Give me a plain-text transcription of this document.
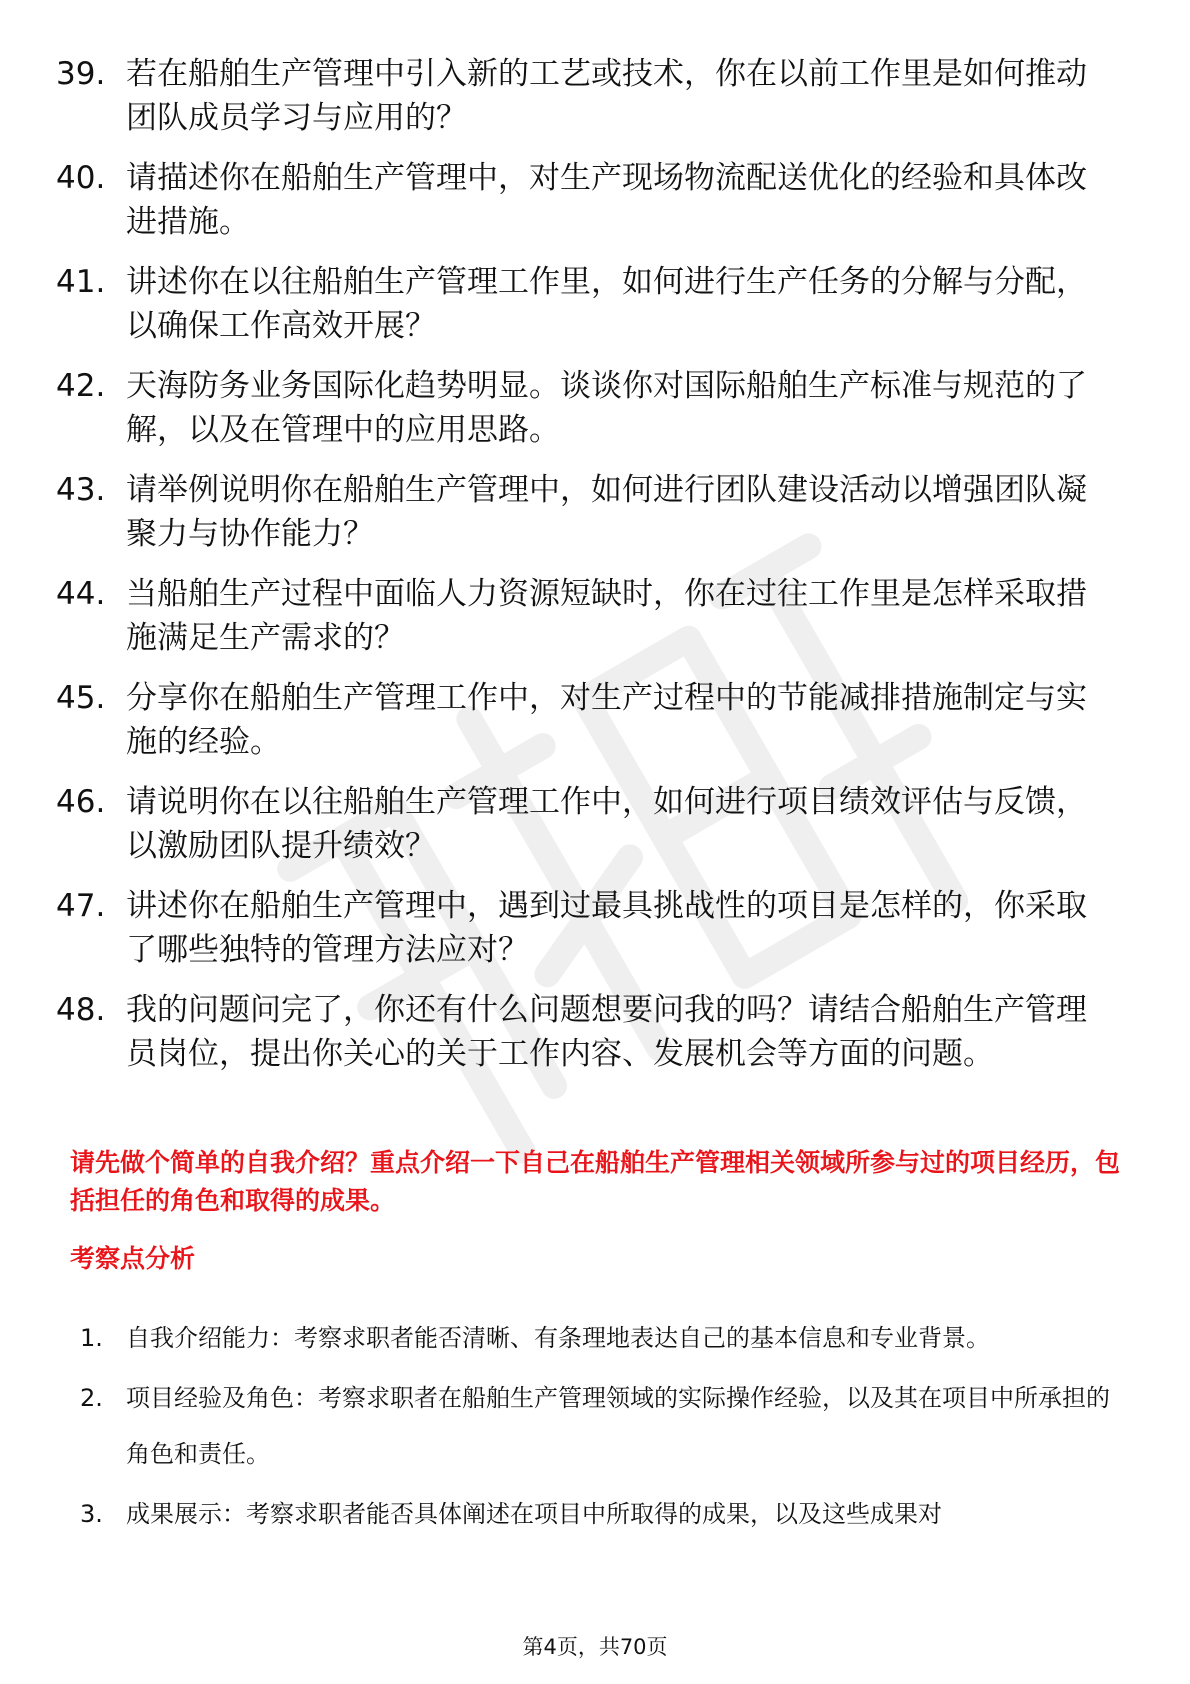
39. 若在船舶生产管理中引入新的工艺或技术，你在以前工作里是如何推动团队成员学习与应用的？
40. 请描述你在船舶生产管理中，对生产现场物流配送优化的经验和具体改进措施。
41. 讲述你在以往船舶生产管理工作里，如何进行生产任务的分解与分配，以确保工作高效开展？
42. 天海防务业务国际化趋势明显。谈谈你对国际船舶生产标准与规范的了解，以及在管理中的应用思路。
43. 请举例说明你在船舶生产管理中，如何进行团队建设活动以增强团队凝聚力与协作能力？
44. 当船舶生产过程中面临人力资源短缺时，你在过往工作里是怎样采取措施满足生产需求的？
45. 分享你在船舶生产管理工作中，对生产过程中的节能减排措施制定与实施的经验。
46. 请说明你在以往船舶生产管理工作中，如何进行项目绩效评估与反馈，以激励团队提升绩效？
47. 讲述你在船舶生产管理中，遇到过最具挑战性的项目是怎样的，你采取了哪些独特的管理方法应对？
48. 我的问题问完了，你还有什么问题想要问我的吗？请结合船舶生产管理员岗位，提出你关心的关于工作内容、发展机会等方面的问题。
请先做个简单的自我介绍？重点介绍一下自己在船舶生产管理相关领域所参与过的项目经历，包括担任的角色和取得的成果。
考察点分析
1. 自我介绍能力：考察求职者能否清晰、有条理地表达自己的基本信息和专业背景。
2. 项目经验及角色：考察求职者在船舶生产管理领域的实际操作经验，以及其在项目中所承担的角色和责任。
3. 成果展示：考察求职者能否具体阐述在项目中所取得的成果，以及这些成果对
第4页，共70页
